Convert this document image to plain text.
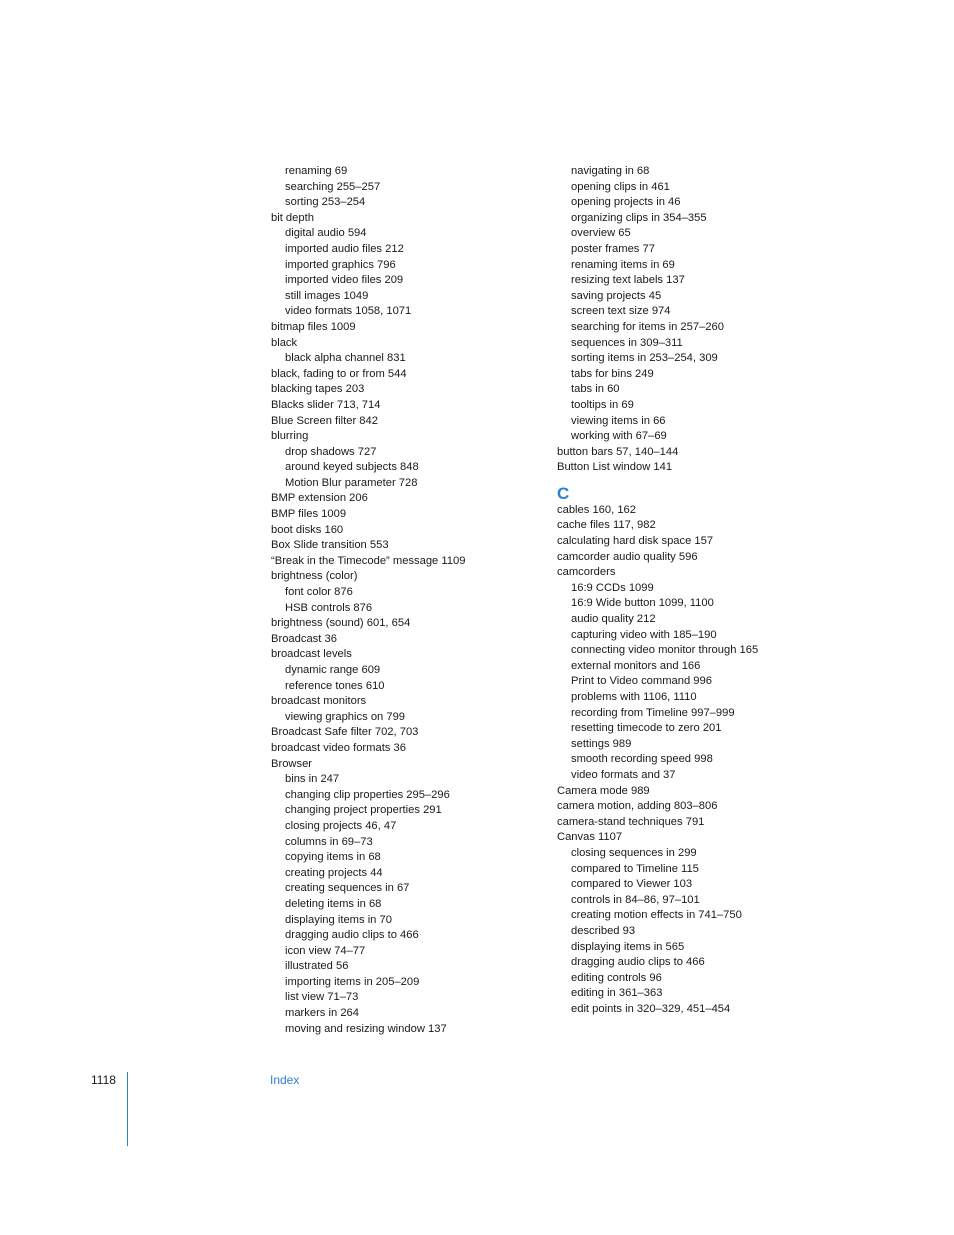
renaming 69
searching 255–257
sorting 253–254
bit depth
digital audio 594
imported audio files 212
imported graphics 796
imported video files 209
still images 1049
video formats 1058, 1071
bitmap files 1009
black
black alpha channel 831
black, fading to or from 544
blacking tapes 203
Blacks slider 713, 714
Blue Screen filter 842
blurring
drop shadows 727
around keyed subjects 848
Motion Blur parameter 728
BMP extension 206
BMP files 1009
boot disks 160
Box Slide transition 553
“Break in the Timecode” message 1109
brightness (color)
font color 876
HSB controls 876
brightness (sound) 601, 654
Broadcast 36
broadcast levels
dynamic range 609
reference tones 610
broadcast monitors
viewing graphics on 799
Broadcast Safe filter 702, 703
broadcast video formats 36
Browser
bins in 247
changing clip properties 295–296
changing project properties 291
closing projects 46, 47
columns in 69–73
copying items in 68
creating projects 44
creating sequences in 67
deleting items in 68
displaying items in 70
dragging audio clips to 466
icon view 74–77
illustrated 56
importing items in 205–209
list view 71–73
markers in 264
moving and resizing window 137
navigating in 68
opening clips in 461
opening projects in 46
organizing clips in 354–355
overview 65
poster frames 77
renaming items in 69
resizing text labels 137
saving projects 45
screen text size 974
searching for items in 257–260
sequences in 309–311
sorting items in 253–254, 309
tabs for bins 249
tabs in 60
tooltips in 69
viewing items in 66
working with 67–69
button bars 57, 140–144
Button List window 141
C
cables 160, 162
cache files 117, 982
calculating hard disk space 157
camcorder audio quality 596
camcorders
16:9 CCDs 1099
16:9 Wide button 1099, 1100
audio quality 212
capturing video with 185–190
connecting video monitor through 165
external monitors and 166
Print to Video command 996
problems with 1106, 1110
recording from Timeline 997–999
resetting timecode to zero 201
settings 989
smooth recording speed 998
video formats and 37
Camera mode 989
camera motion, adding 803–806
camera-stand techniques 791
Canvas 1107
closing sequences in 299
compared to Timeline 115
compared to Viewer 103
controls in 84–86, 97–101
creating motion effects in 741–750
described 93
displaying items in 565
dragging audio clips to 466
editing controls 96
editing in 361–363
edit points in 320–329, 451–454
1118	Index
